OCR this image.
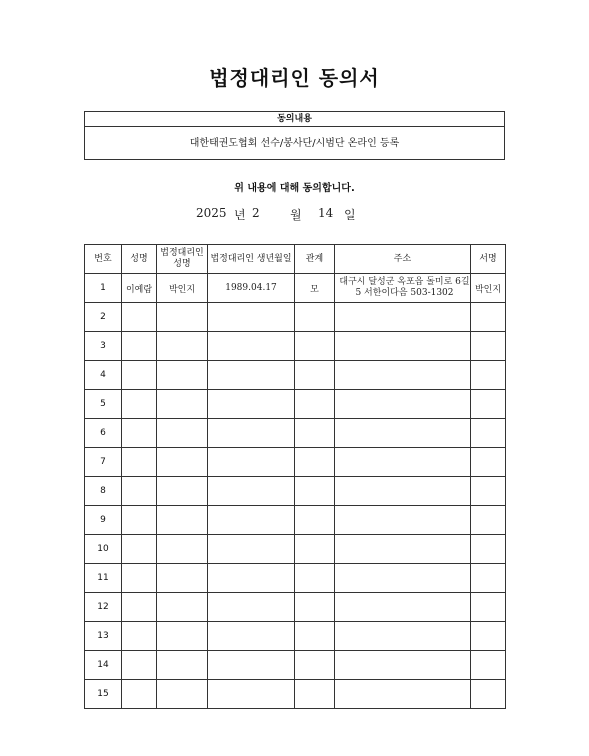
법정대리인 동의서
동의내용
대한태권도협회 선수/봉사단/시범단 온라인 등록
위 내용에 대해 동의합니다.
2025 년 2	월 14 일
번호	성명	법정대리인 성명	법정대리인 생년월일	관계	주소	서명
1	이예람	박인지	1989.04.17	모	대구시 달성군 옥포읍 돌미로 6길 5 서한이다음 503-1302	박인지
2						
3						
4						
5						
6						
7						
8						
9						
10						
11						
12						
13						
14						
15						
